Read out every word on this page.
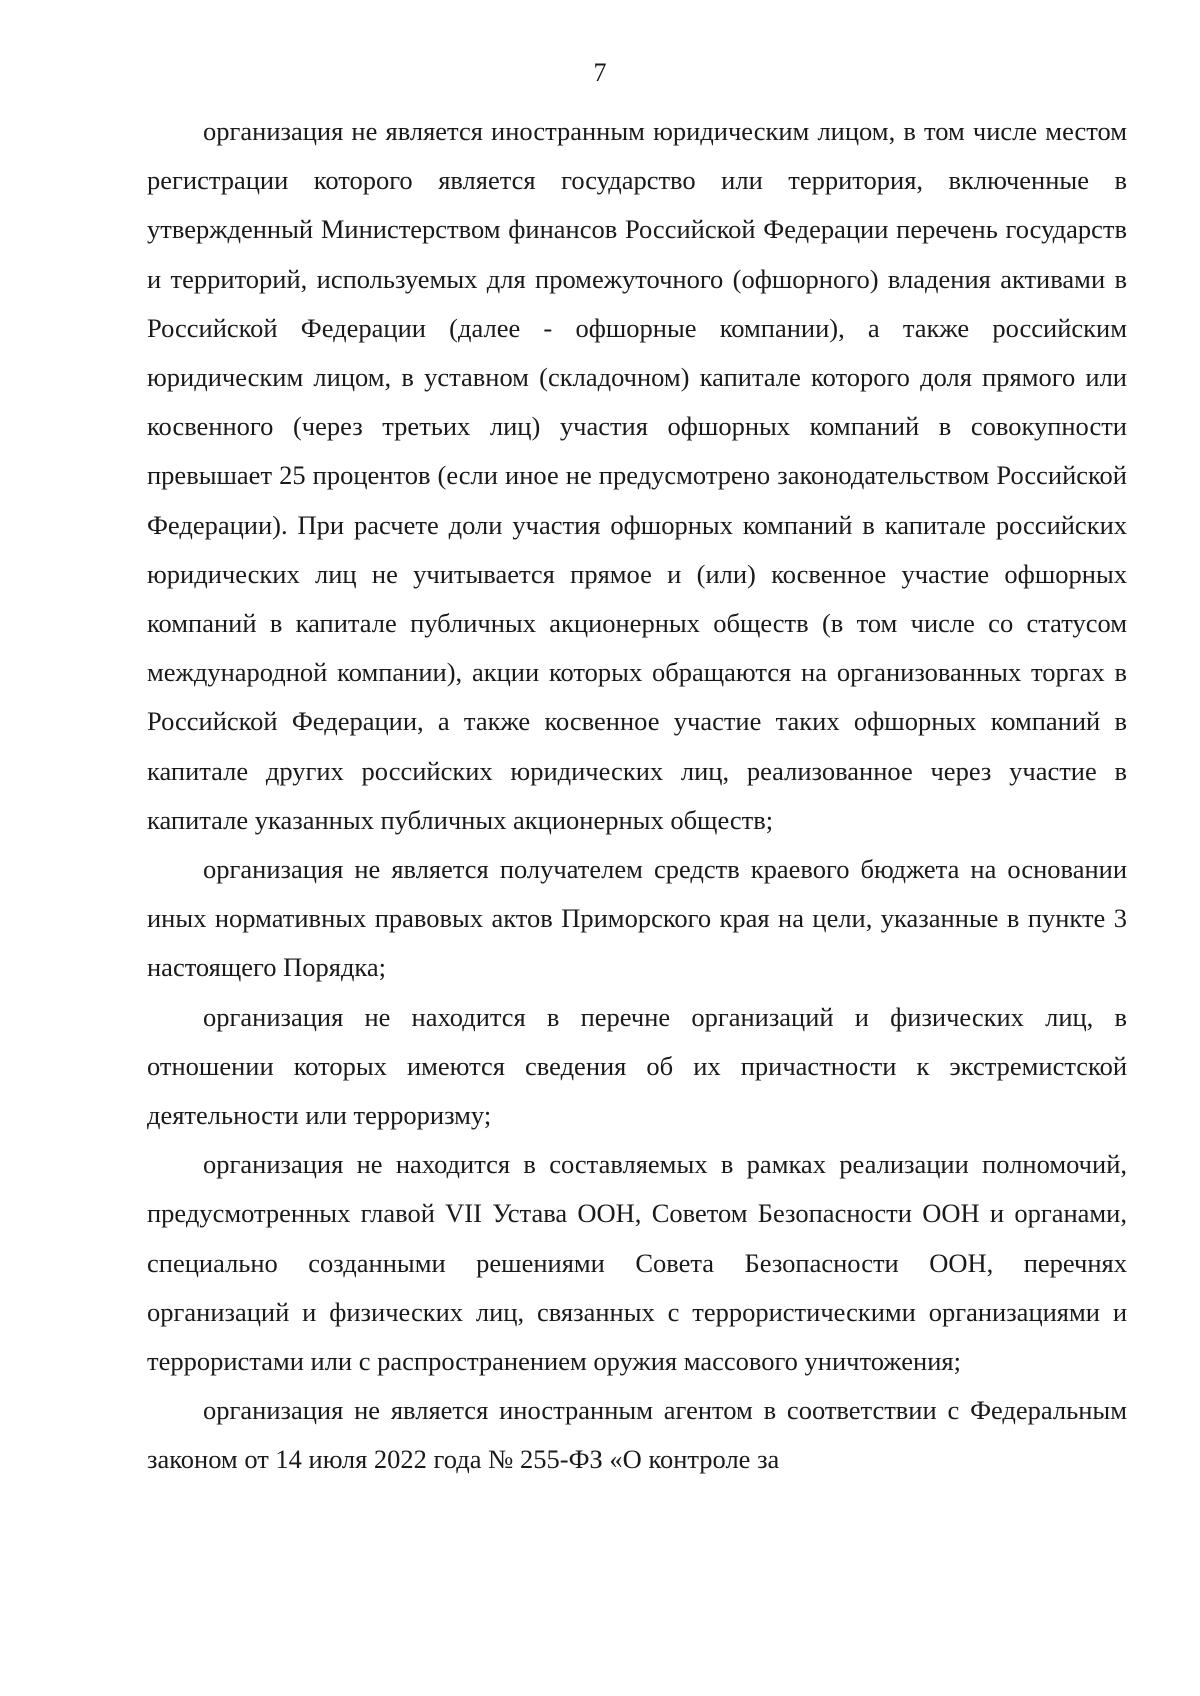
7

организация не является иностранным юридическим лицом, в том числе местом регистрации которого является государство или территория, включенные в утвержденный Министерством финансов Российской Федерации перечень государств и территорий, используемых для промежуточного (офшорного) владения активами в Российской Федерации (далее - офшорные компании), а также российским юридическим лицом, в уставном (складочном) капитале которого доля прямого или косвенного (через третьих лиц) участия офшорных компаний в совокупности превышает 25 процентов (если иное не предусмотрено законодательством Российской Федерации). При расчете доли участия офшорных компаний в капитале российских юридических лиц не учитывается прямое и (или) косвенное участие офшорных компаний в капитале публичных акционерных обществ (в том числе со статусом международной компании), акции которых обращаются на организованных торгах в Российской Федерации, а также косвенное участие таких офшорных компаний в капитале других российских юридических лиц, реализованное через участие в капитале указанных публичных акционерных обществ;

организация не является получателем средств краевого бюджета на основании иных нормативных правовых актов Приморского края на цели, указанные в пункте 3 настоящего Порядка;

организация не находится в перечне организаций и физических лиц, в отношении которых имеются сведения об их причастности к экстремистской деятельности или терроризму;

организация не находится в составляемых в рамках реализации полномочий, предусмотренных главой VII Устава ООН, Советом Безопасности ООН и органами, специально созданными решениями Совета Безопасности ООН, перечнях организаций и физических лиц, связанных с террористическими организациями и террористами или с распространением оружия массового уничтожения;

организация не является иностранным агентом в соответствии с Федеральным законом от 14 июля 2022 года № 255-ФЗ «О контроле за
